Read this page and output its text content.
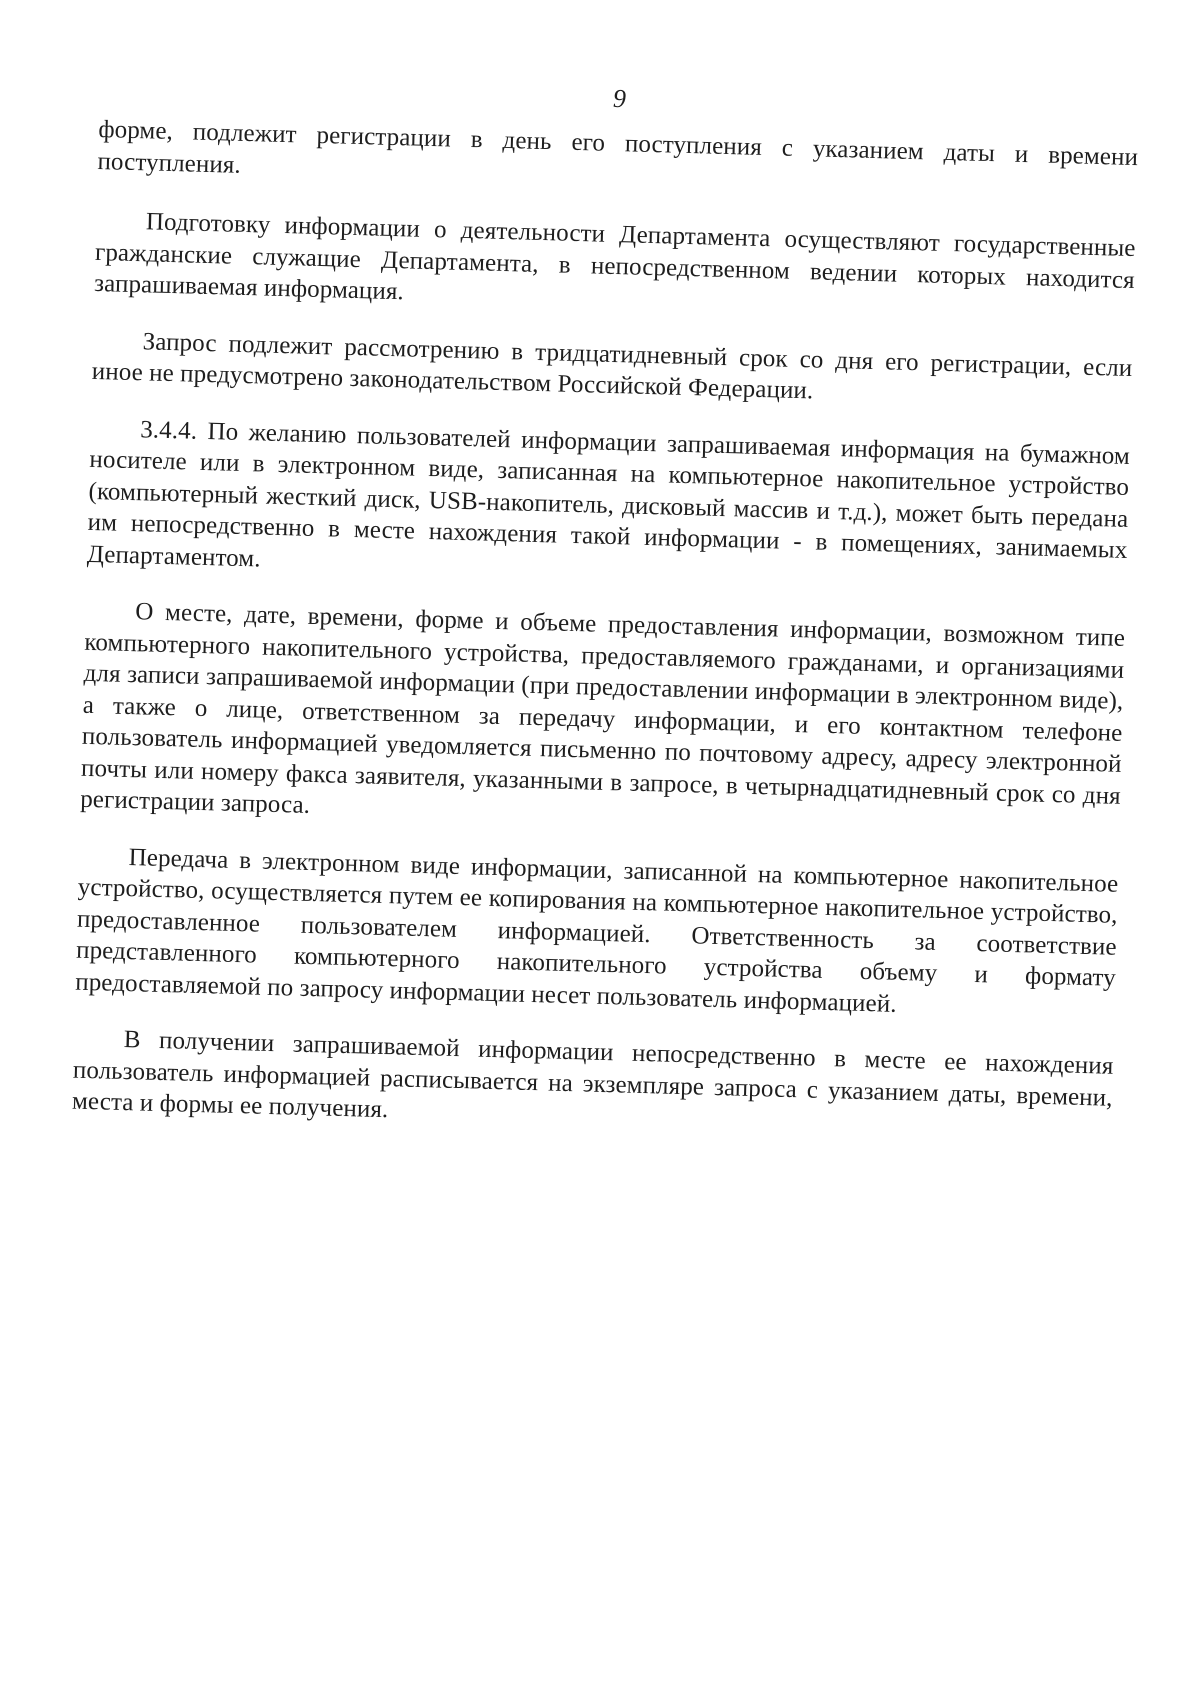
9

форме, подлежит регистрации в день его поступления с указанием даты и времени поступления.

Подготовку информации о деятельности Департамента осуществляют государственные гражданские служащие Департамента, в непосредственном ведении которых находится запрашиваемая информация.

Запрос подлежит рассмотрению в тридцатидневный срок со дня его регистрации, если иное не предусмотрено законодательством Российской Федерации.

3.4.4. По желанию пользователей информации запрашиваемая информация на бумажном носителе или в электронном виде, записанная на компьютерное накопительное устройство (компьютерный жесткий диск, USB-накопитель, дисковый массив и т.д.), может быть передана им непосредственно в месте нахождения такой информации - в помещениях, занимаемых Департаментом.

О месте, дате, времени, форме и объеме предоставления информации, возможном типе компьютерного накопительного устройства, предоставляемого гражданами, и организациями для записи запрашиваемой информации (при предоставлении информации в электронном виде), а также о лице, ответственном за передачу информации, и его контактном телефоне пользователь информацией уведомляется письменно по почтовому адресу, адресу электронной почты или номеру факса заявителя, указанными в запросе, в четырнадцатидневный срок со дня регистрации запроса.

Передача в электронном виде информации, записанной на компьютерное накопительное устройство, осуществляется путем ее копирования на компьютерное накопительное устройство, предоставленное пользователем информацией. Ответственность за соответствие представленного компьютерного накопительного устройства объему и формату предоставляемой по запросу информации несет пользователь информацией.

В получении запрашиваемой информации непосредственно в месте ее нахождения пользователь информацией расписывается на экземпляре запроса с указанием даты, времени, места и формы ее получения.
